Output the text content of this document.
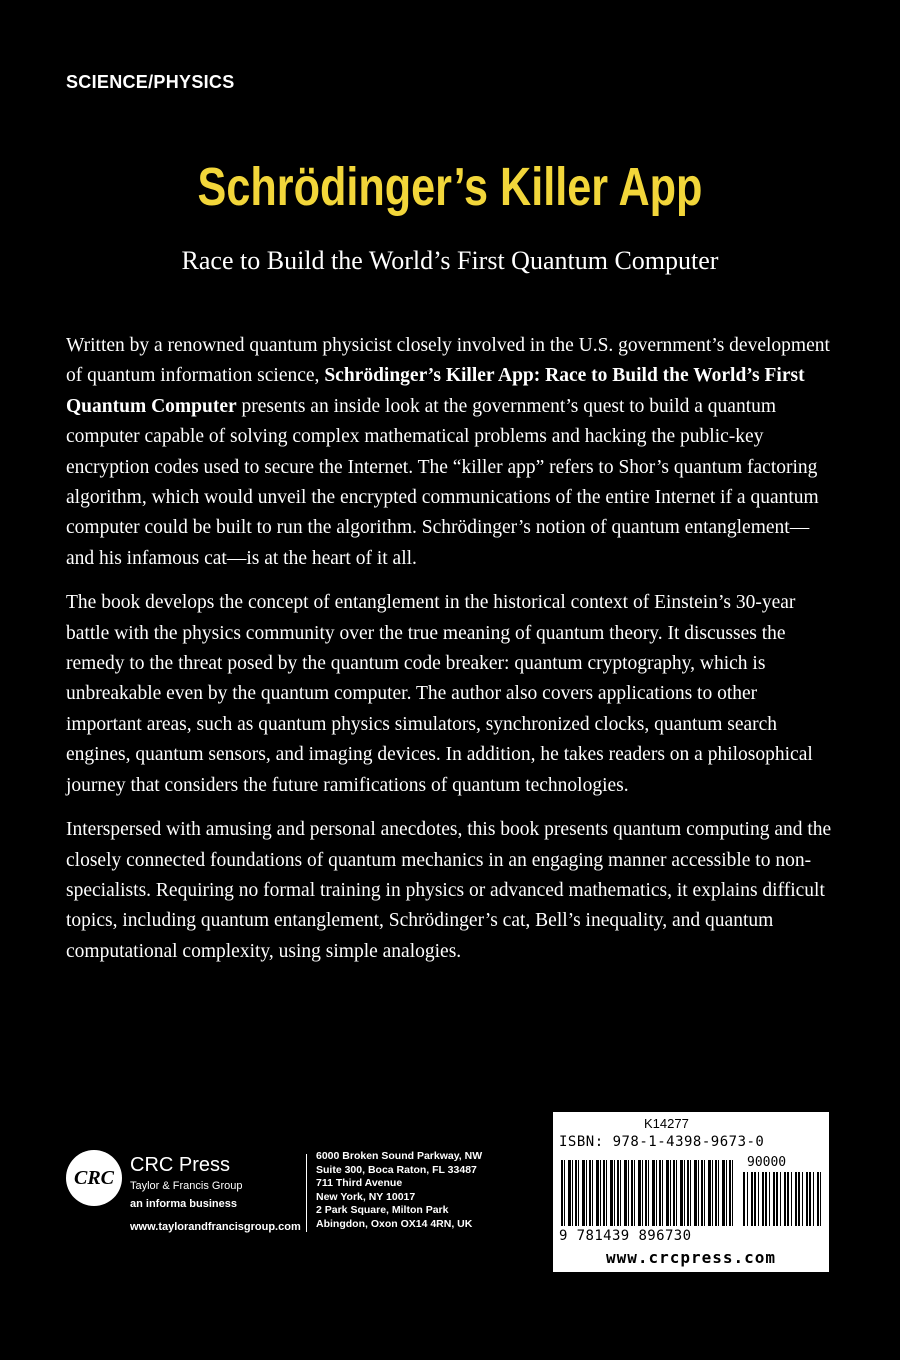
SCIENCE/PHYSICS
Schrödinger’s Killer App
Race to Build the World’s First Quantum Computer

Written by a renowned quantum physicist closely involved in the U.S. government’s development of quantum information science, Schrödinger’s Killer App: Race to Build the World’s First Quantum Computer presents an inside look at the government’s quest to build a quantum computer capable of solving complex mathematical problems and hacking the public-key encryption codes used to secure the Internet. The “killer app” refers to Shor’s quantum factoring algorithm, which would unveil the encrypted communications of the entire Internet if a quantum computer could be built to run the algorithm. Schrödinger’s notion of quantum entanglement—and his infamous cat—is at the heart of it all.

The book develops the concept of entanglement in the historical context of Einstein’s 30-year battle with the physics community over the true meaning of quantum theory. It discusses the remedy to the threat posed by the quantum code breaker: quantum cryptography, which is unbreakable even by the quantum computer. The author also covers applications to other important areas, such as quantum physics simulators, synchronized clocks, quantum search engines, quantum sensors, and imaging devices. In addition, he takes readers on a philosophical journey that considers the future ramifications of quantum technologies.

Interspersed with amusing and personal anecdotes, this book presents quantum computing and the closely connected foundations of quantum mechanics in an engaging manner accessible to non-specialists. Requiring no formal training in physics or advanced mathematics, it explains difficult topics, including quantum entanglement, Schrödinger’s cat, Bell’s inequality, and quantum computational complexity, using simple analogies.

CRC
CRC Press
Taylor & Francis Group
an informa business
www.taylorandfrancisgroup.com
6000 Broken Sound Parkway, NW
Suite 300, Boca Raton, FL 33487
711 Third Avenue
New York, NY 10017
2 Park Square, Milton Park
Abingdon, Oxon OX14 4RN, UK
K14277
ISBN: 978-1-4398-9673-0
90000
9 781439 896730
www.crcpress.com
